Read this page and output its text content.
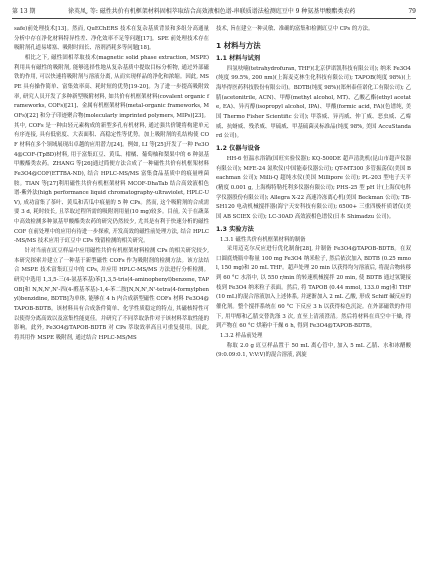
第 13 期	徐英凤, 等: 磁性共价有机框架材料固相萃取结合高效液相色谱-串联质谱法检测豇豆中 9 种氨基甲酸酯类农药	79

safe)前处理技术[13]。然而, QuEChERS 技术在复杂基质背景和多组分高通量分析中存在净化材料特异性差、净化效率不足等问题[17]。SPE 前处理技术存在吸附剂孔道易堵塞、吸附时间长、溶剂消耗多等问题[18]。

相比之下, 磁性固相萃取技术(magnetic solid phase extraction, MSPE)利用具有磁性的吸附剂, 能够选择性地从复杂基质中提取目标分析物, 通过外部磁铁的作用, 可以快速将吸附剂与溶液分离, 从而实现样品的净化和浓缩。因此, MSPE 具有操作简单、富集效率高、耗时短的优势[19-20]。为了进一步提高吸附效率, 研究人员开发了多种新型吸附材料, 如共价有机框架材料(covalent organic frameworks, COFs)[21]、金属有机框架材料(metal-organic frameworks, MOFs)[22] 和分子印迹聚合物(molecularly imprinted polymers, MIPs)[23]。其中, COFs 是一种由轻元素构成的新型多孔有机材料, 通过强共价键将构建单元有序连接, 具有低密度、大表面积、高稳定性等优势。加上吸附剂的孔结构使 COF 材料在多个领域展现出卓越的应用潜力[24]。例如, LI 等[25]开发了一种 Fe3O4@COF-(TpBD)材料, 用于富集豇豆、黄瓜、柑橘、葡萄柚和梨果中的 6 种氨基甲酸酯类农药。ZHANG 等[26]通过简便方法合成了一种磁性共价有机框架材料 Fe3O4@COF(ETTBA-ND), 结合 HPLC-MS/MS 富集食品基质中的痕量唑菌胺。TIAN 等[27]利用磁性共价有机框架材料 MCOF-DhaTab 结合高效液相色谱-紫外法(high performance liquid chromatography-ultraviolet, HPLC-UV), 成功富集了茶叶、黄瓜和苦瓜中痕量的 5 种 CPs。然而, 这个吸附剂的合成需要 3 d, 耗时较长, 且萃取过程所需的吸附剂用量(10 mg)较多。目前, 关于在蔬菜中高效检测多种氨基甲酸酯类农药的研究仍然较少, 尤其是有利于快速分析的磁性 COF 在前处理中的应用有待进一步探索, 开发高效的磁性前处理方法, 结合 HPLC-MS/MS 技术应用于豇豆中 CPs 残留检测的相关研究。

针对当前在豇豆样品中应用磁性共价有机框架材料检测 CPs 的相关研究较少, 本研究探索并建立了一种基于新型磁性 COFs 作为吸附剂的检测方法。该方法结合 MSPE 技术富集豇豆中的 CPs, 并应用 HPLC-MS/MS 方法进行分析检测。研究中选用 1,3,5-三(4-氨基苯基)苯[1,3,5-tris(4-aminophenyl)benzene, TAPOB]和 N,N,N',N'-四(4-醛基苯基)-1,4-苯二胺[N,N,N',N'-tetra(4-formylphenyl)benzidine, BDTB]为单体, 能够在 4 h 内合成新型磁性 COFs 材料 Fe3O4@TAPOB-BDTB。该材料具有合成条件简单、化学性质稳定的特点, 其磁核特性可以使得分离高效以及富集性能更佳。并研究了不同萃取条件对于该材料萃取性能的影响。此外, Fe3O4@TAPOB-BDTB 对 CPs 萃取效率高且可重复使用。因此, 将其用作 MSPE 吸附剂, 通过结合 HPLC-MS/MS

技术, 旨在建立一种灵敏、准确的富集和检测豇豆中 CPs 的方法。

1 材料与方法
1.1 材料与试剂

四氢呋喃(tetrahydrofuran, THF)(北京伊诺凯科技有限公司); 纳米 Fe3O4(纯度 99.5%, 200 nm)(上海麦克林生化科技有限公司); TAPOB(纯度 98%)(上海毕得医药科技股份有限公司)。BDTB(纯度 98%)(郑州泰佳诺化工有限公司); 乙腈(acetonitrile, ACN)、甲醇(methyl alcohol, MT)、乙酸乙酯(ethyl acetate, EA)、异丙醇(isopropyl alcohol, IPA)、甲酸(formic acid, FA)(色谱纯, 美国 Thermo Fisher Scientific 公司); 甲萘威、异丙威、仲丁威、恶虫威、乙霉威、抗蚜威、残杀威、甲硫威、甲基硫菌灵标准品(纯度 98%, 美国 AccuStandard 公司)。

1.2 仪器与设备

HH-6 恒温水浴锅(国旺实验仪器); KQ-500DE 超声清洗机(昆山市超声仪器有限公司); MFE-24 氮吹仪(中国能泰仪器公司); QT-MT300 多管振荡仪(美国 Beachman 公司); Milli-Q 超纯水仪(美国 Millipore 公司); PL-203 型电子天平(精度 0.001 g, 上海梅特勒托利多仪器有限公司); PHS-25 型 pH 计(上海仪电科学仪器股份有限公司); Allegra X-22 高速冷冻离心机(美国 Beckman 公司); TB-SH120 电动机械搅拌器(海宁天安科技有限公司); 6500+ 三重四极杆质谱仪(美国 AB SCIEX 公司); LC-30AD 高效液相色谱仪(日本 Shimadzu 公司)。

1.3 实验方法
1.3.1 磁性共价有机框架材料的制备

采用迈克尔反应进行优化制备[28], 并制备 Fe3O4@TAPOB-BDTB。在双口圆底烧瓶中称量 100 mg Fe3O4 纳米粒子, 然后依次加入 BDTB (0.25 mmol, 150 mg)和 20 mL THF。超声处理 20 min 以获得均匀溶液后, 将混合物转移到 60 °C 水浴中, 以 550 r/min 的转速机械搅拌 20 min, 使 BDTB 通过氢键接枝到 Fe3O4 纳米粒子表面。然后, 将 TAPOB (0.44 mmol, 133.0 mg)和 THF (10 mL)的混合溶液加入上述体系, 并逐渐加入 2 mL 乙酸, 形成 Schiff 碱反应的催化剂。整个搅拌系统在 60 °C 下反应 3 h 以获得棕色沉淀。在外部磁铁的作用下, 用甲醇和乙腈交替洗涤 3 次, 直至上清液澄清。然后将材料在真空中干燥, 得到产物在 60 °C 烘箱中干燥 6 h, 得到 Fe3O4@TAPOB-BDTB。

1.3.2 样品前处理

称取 2.0 g 豇豆样品置于 50 mL 离心管中, 加入 5 mL 乙腈、水和冰醋酸(9:0.09:0.1, V:V:V)的混合溶液, 涡旋
